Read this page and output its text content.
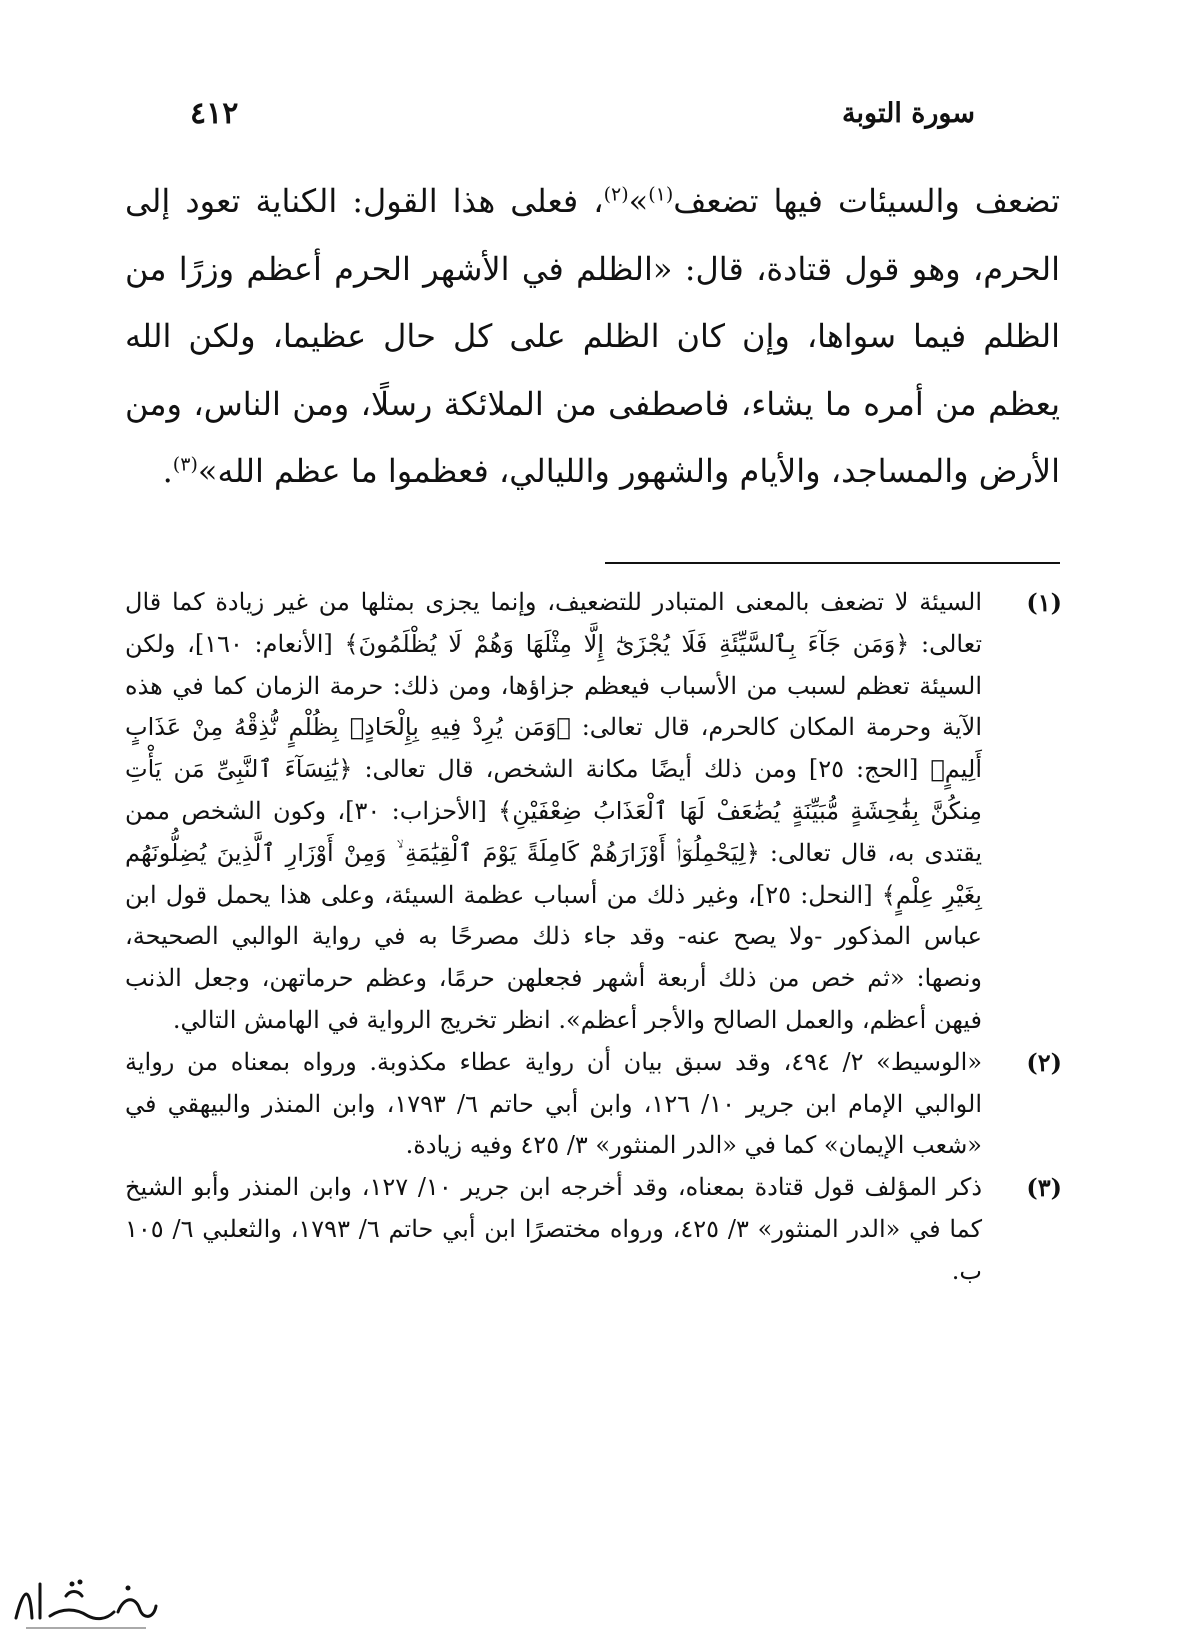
سورة التوبة
٤١٢

تضعف والسيئات فيها تضعف$^{(١)}$»$^{(٢)}$، فعلى هذا القول: الكناية تعود إلى الحرم، وهو قول قتادة، قال: «الظلم في الأشهر الحرم أعظم وزرًا من الظلم فيما سواها، وإن كان الظلم على كل حال عظيما، ولكن الله يعظم من أمره ما يشاء، فاصطفى من الملائكة رسلًا، ومن الناس، ومن الأرض والمساجد، والأيام والشهور والليالي، فعظموا ما عظم الله»$^{(٣)}$.

(١)
السيئة لا تضعف بالمعنى المتبادر للتضعيف، وإنما يجزى بمثلها من غير زيادة كما قال تعالى: ﴿وَمَن جَآءَ بِٱلسَّيِّئَةِ فَلَا يُجْزَىٰٓ إِلَّا مِثْلَهَا وَهُمْ لَا يُظْلَمُونَ﴾ [الأنعام: ١٦٠]، ولكن السيئة تعظم لسبب من الأسباب فيعظم جزاؤها، ومن ذلك: حرمة الزمان كما في هذه الآية وحرمة المكان كالحرم، قال تعالى: ﴿وَمَن يُرِدْ فِيهِ بِإِلْحَادٍۭ بِظُلْمٍ نُّذِقْهُ مِنْ عَذَابٍ أَلِيمٍ﴾ [الحج: ٢٥] ومن ذلك أيضًا مكانة الشخص، قال تعالى: ﴿يَٰنِسَآءَ ٱلنَّبِىِّ مَن يَأْتِ مِنكُنَّ بِفَٰحِشَةٍ مُّبَيِّنَةٍ يُضَٰعَفْ لَهَا ٱلْعَذَابُ ضِعْفَيْنِ﴾ [الأحزاب: ٣٠]، وكون الشخص ممن يقتدى به، قال تعالى: ﴿لِيَحْمِلُوٓا۟ أَوْزَارَهُمْ كَامِلَةً يَوْمَ ٱلْقِيَٰمَةِ ۙ وَمِنْ أَوْزَارِ ٱلَّذِينَ يُضِلُّونَهُم بِغَيْرِ عِلْمٍ﴾ [النحل: ٢٥]، وغير ذلك من أسباب عظمة السيئة، وعلى هذا يحمل قول ابن عباس المذكور -ولا يصح عنه- وقد جاء ذلك مصرحًا به في رواية الوالبي الصحيحة، ونصها: «ثم خص من ذلك أربعة أشهر فجعلهن حرمًا، وعظم حرماتهن، وجعل الذنب فيهن أعظم، والعمل الصالح والأجر أعظم». انظر تخريج الرواية في الهامش التالي.

(٢)
«الوسيط» ٢/ ٤٩٤، وقد سبق بيان أن رواية عطاء مكذوبة. ورواه بمعناه من رواية الوالبي الإمام ابن جرير ١٠/ ١٢٦، وابن أبي حاتم ٦/ ١٧٩٣، وابن المنذر والبيهقي في «شعب الإيمان» كما في «الدر المنثور» ٣/ ٤٢٥ وفيه زيادة.

(٣)
ذكر المؤلف قول قتادة بمعناه، وقد أخرجه ابن جرير ١٠/ ١٢٧، وابن المنذر وأبو الشيخ كما في «الدر المنثور» ٣/ ٤٢٥، ورواه مختصرًا ابن أبي حاتم ٦/ ١٧٩٣، والثعلبي ٦/ ١٠٥ ب.
